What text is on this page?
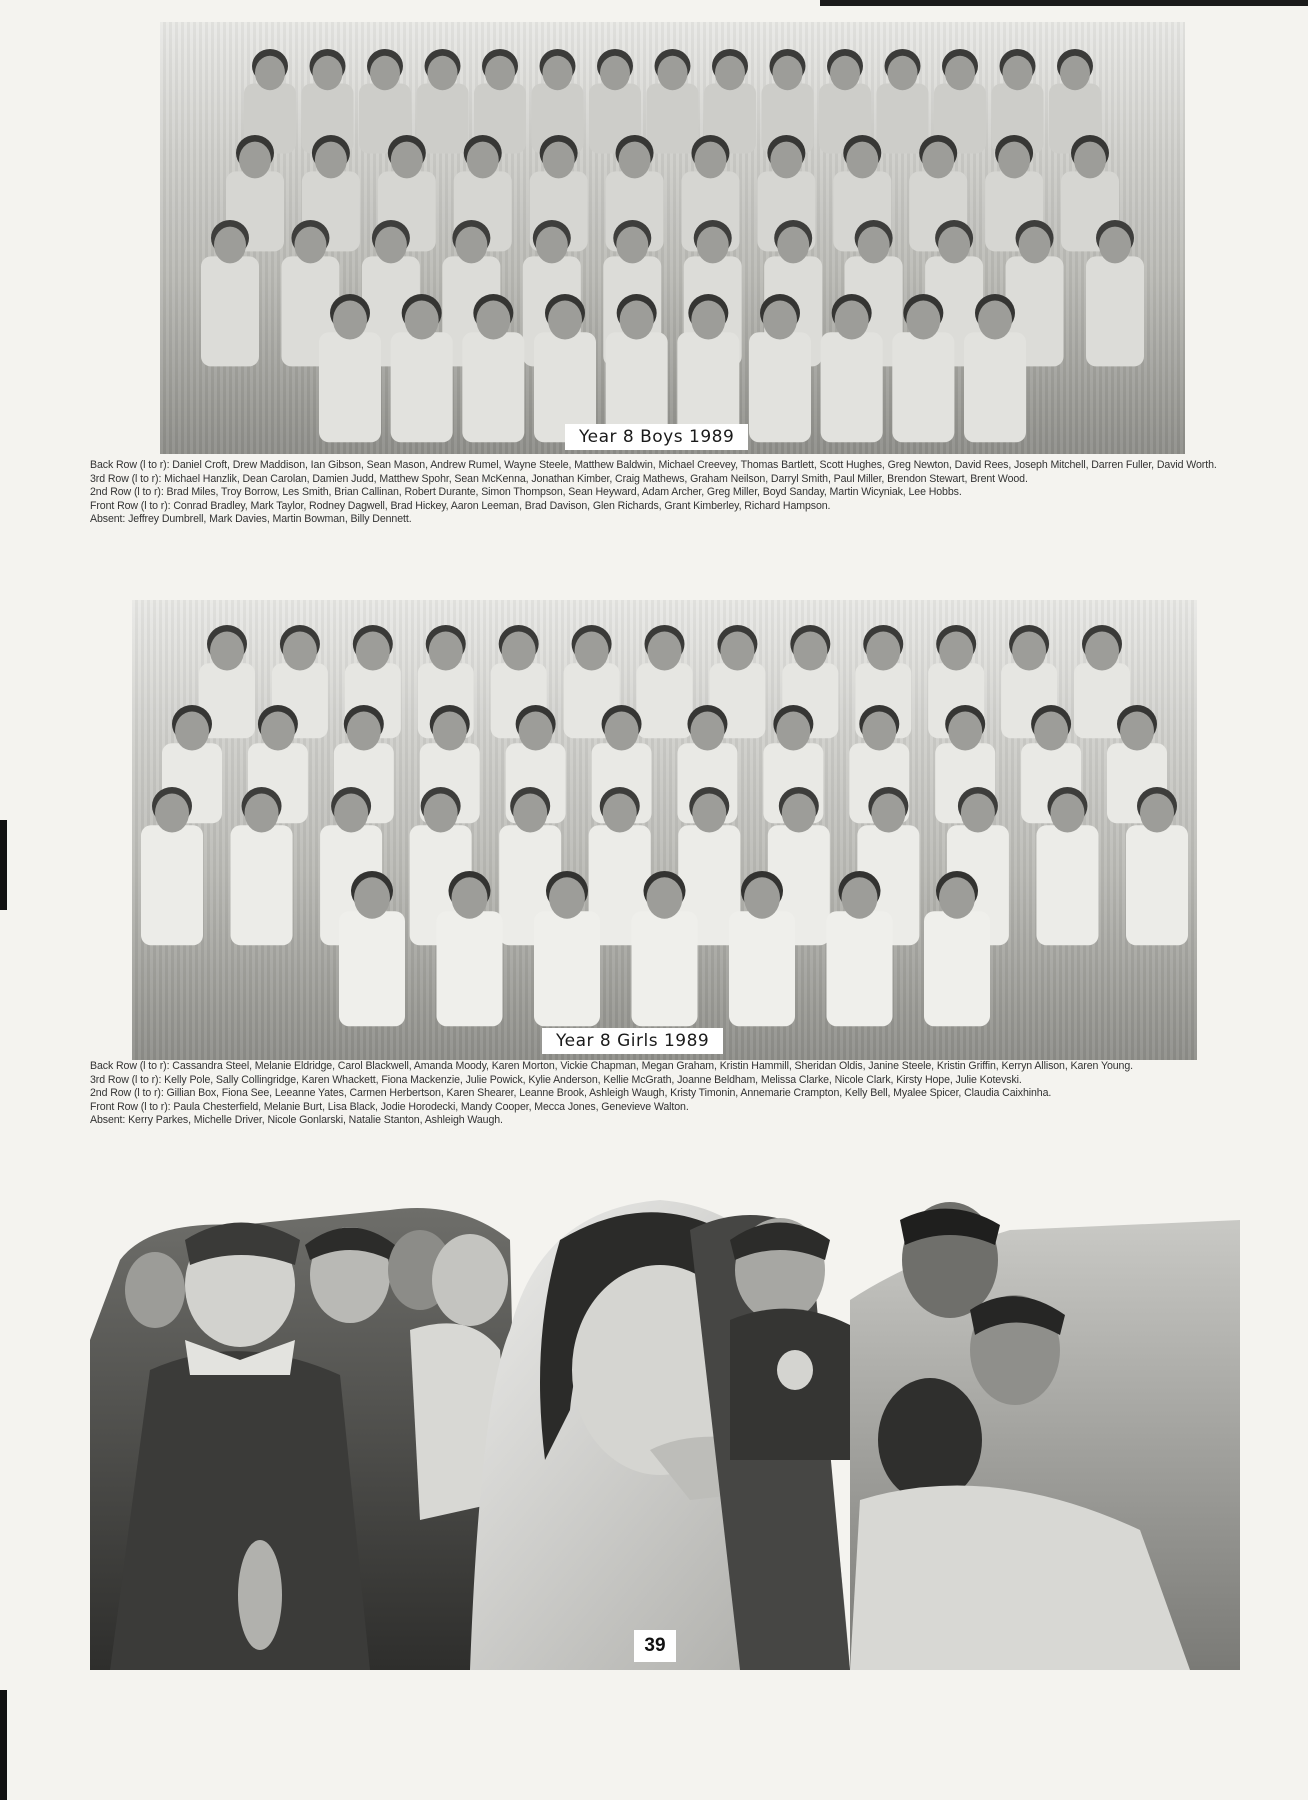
Year 8 Boys 1989

Back Row (l to r): Daniel Croft, Drew Maddison, Ian Gibson, Sean Mason, Andrew Rumel, Wayne Steele, Matthew Baldwin, Michael Creevey, Thomas Bartlett, Scott Hughes, Greg Newton, David Rees, Joseph Mitchell, Darren Fuller, David Worth.

3rd Row (l to r): Michael Hanzlik, Dean Carolan, Damien Judd, Matthew Spohr, Sean McKenna, Jonathan Kimber, Craig Mathews, Graham Neilson, Darryl Smith, Paul Miller, Brendon Stewart, Brent Wood.

2nd Row (l to r): Brad Miles, Troy Borrow, Les Smith, Brian Callinan, Robert Durante, Simon Thompson, Sean Heyward, Adam Archer, Greg Miller, Boyd Sanday, Martin Wicyniak, Lee Hobbs.

Front Row (l to r): Conrad Bradley, Mark Taylor, Rodney Dagwell, Brad Hickey, Aaron Leeman, Brad Davison, Glen Richards, Grant Kimberley, Richard Hampson.

Absent: Jeffrey Dumbrell, Mark Davies, Martin Bowman, Billy Dennett.

Year 8 Girls 1989

Back Row (l to r): Cassandra Steel, Melanie Eldridge, Carol Blackwell, Amanda Moody, Karen Morton, Vickie Chapman, Megan Graham, Kristin Hammill, Sheridan Oldis, Janine Steele, Kristin Griffin, Kerryn Allison, Karen Young.

3rd Row (l to r): Kelly Pole, Sally Collingridge, Karen Whackett, Fiona Mackenzie, Julie Powick, Kylie Anderson, Kellie McGrath, Joanne Beldham, Melissa Clarke, Nicole Clark, Kirsty Hope, Julie Kotevski.

2nd Row (l to r): Gillian Box, Fiona See, Leeanne Yates, Carmen Herbertson, Karen Shearer, Leanne Brook, Ashleigh Waugh, Kristy Timonin, Annemarie Crampton, Kelly Bell, Myalee Spicer, Claudia Caixhinha.

Front Row (l to r): Paula Chesterfield, Melanie Burt, Lisa Black, Jodie Horodecki, Mandy Cooper, Mecca Jones, Genevieve Walton.

Absent: Kerry Parkes, Michelle Driver, Nicole Gonlarski, Natalie Stanton, Ashleigh Waugh.

39
